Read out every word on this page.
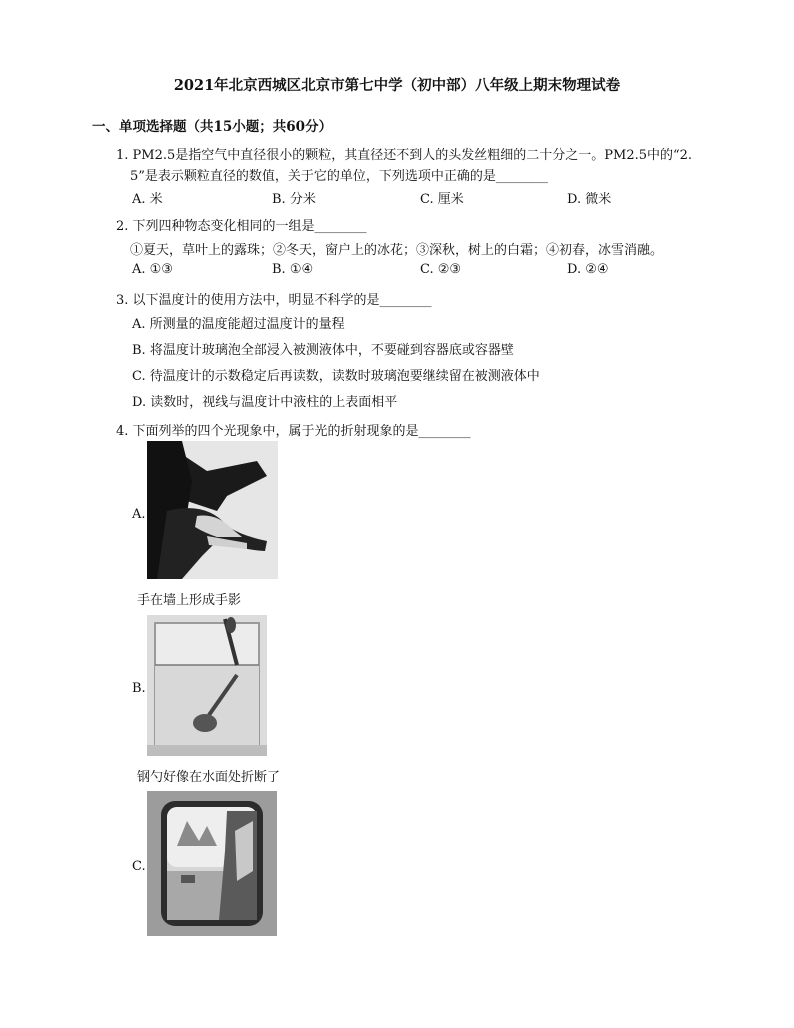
2021年北京西城区北京市第七中学（初中部）八年级上期末物理试卷
一、单项选择题（共15小题；共60分）
1. PM2.5是指空气中直径很小的颗粒，其直径还不到人的头发丝粗细的二十分之一。PM2.5中的“2.
5”是表示颗粒直径的数值，关于它的单位，下列选项中正确的是________
A. 米	B. 分米	C. 厘米	D. 微米
2. 下列四种物态变化相同的一组是________
①夏天，草叶上的露珠；②冬天，窗户上的冰花；③深秋，树上的白霜；④初春，冰雪消融。
A. ①③	B. ①④	C. ②③	D. ②④
3. 以下温度计的使用方法中，明显不科学的是________
A. 所测量的温度能超过温度计的量程
B. 将温度计玻璃泡全部浸入被测液体中，不要碰到容器底或容器壁
C. 待温度计的示数稳定后再读数，读数时玻璃泡要继续留在被测液体中
D. 读数时，视线与温度计中液柱的上表面相平
4. 下面列举的四个光现象中，属于光的折射现象的是________
A.
手在墙上形成手影
B.
钢勺好像在水面处折断了
C.
